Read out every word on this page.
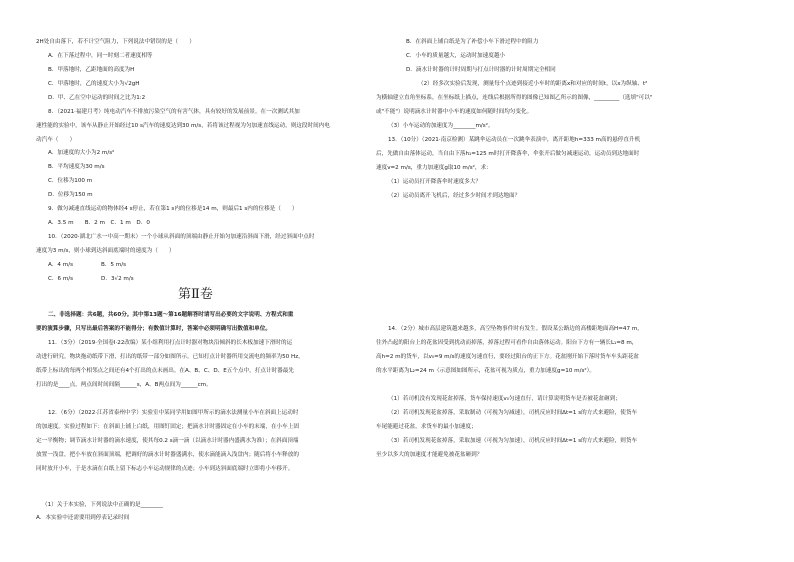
第Ⅱ卷
2H处自由落下，若不计空气阻力，下列说法中错误的是（　　）
A．在下落过程中，同一时刻二者速度相等
B．甲落地时，乙距地面的高度为H
C．甲落地时，乙的速度大小为√2gH
D．甲、乙在空中运动的时间之比为1:2
8．（2021·福建月考）纯电动汽车不排放污染空气的有害气体，具有较好的发展前景。在一次测试其加
速性能的实验中，该车从静止开始经过10 s汽车的速度达到30 m/s，若将该过程视为匀加速直线运动，则这段时间内电
动汽车（　　）
A．加速度的大小为2 m/s²
B．平均速度为30 m/s
C．位移为100 m
D．位移为150 m
9．做匀减速直线运动的物体经4 s停止，若在第1 s内的位移是14 m，则最后1 s内的位移是（　　）
A．3.5 m　　B．2 m　C．1 m　D．0
10．（2020·湖北广水一中高一期末）一个小球从斜面的顶端由静止开始匀加速沿斜面下滑，经过斜面中点时
速度为3 m/s，则小球到达斜面底端时的速度为（　　）
A．4 m/s　　　　　B．5 m/s
C．6 m/s　　　　　D．3√2 m/s
二、非选择题：共6题，共60分。其中第13题～第16题解答时请写出必要的文字说明、方程式和重
要的演算步骤，只写出最后答案的不能得分；有数值计算时，答案中必须明确写出数值和单位。
11．（3分）（2019·全国卷Ⅰ·22改编）某小组利用打点计时器对物块沿倾斜的长木板加速下滑时的运
动进行研究。物块拖动纸带下滑，打出的纸带一部分如图所示。已知打点计时器所用交流电的频率为50 Hz，
纸带上标出的每两个相邻点之间还有4个打出的点未画出。在A、B、C、D、E五个点中，打点计时器最先
打出的是____点，两点间时间间隔______s，A、B两点间为______cm。
12．（6分）（2022·江苏省泰州中学）实验室中某同学用如图甲所示的滴水法测量小车在斜面上运动时
的加速度。实验过程如下：在斜面上铺上白纸，用图钉固定；把滴水计时器固定在小车的末端，在小车上固
定一平衡物；调节滴水计时器的滴水速度，使其每0.2 s滴一滴（以滴水计时器内盛满水为准）；在斜面顶端
放置一浅盘，把小车放在斜面顶端，把调好的滴水计时器盛满水，使水滴能滴入浅盘内；随后将小车释放的
同时放开小车，于是水滴在白纸上留下标志小车运动规律的点迹；小车到达斜面底端时立即将小车移开。
（1）关于本实验，下列说法中正确的是________
A．本实验中还需要用到停表记录时间
B．在斜面上铺白纸是为了补偿小车下滑过程中的阻力
C．小车的质量越大，运动时加速度越小
D．滴水计时器的计时周期与打点计时器的计时周期完全相同
（2）经多次实验后发现，测量每个点迹到接近小车时的距离x和对应的时间t，以x为纵轴、t²
为横轴建立直角坐标系，在坐标纸上描点，连线后根据所得的图像已知图乙所示的图像，_________（选填"可以"
或"不能"）说明滴水计时器中小车的速度如何随时间均匀变化。
（3）小车运动的加速度为________m/s²。
13．（10分）（2021·南京检测）某跳伞运动员在一次跳伞表演中，离开距地h=333 m高的悬停直升机
后，先做自由落体运动，当自由下落h₁=125 m时打开降落伞，伞张开后做匀减速运动，运动员到达地面时
速度v=2 m/s，重力加速度g取10 m/s²，求：
（1）运动员打开降落伞时速度多大？
（2）运动员离开飞机后，经过多少时间才到达地面？
14．（2分）城市高层建筑越来越多，高空坠物事件时有发生。假设某公路边的高楼距地面高H=47 m，
往外凸起的阳台上的花盆因受到扰动而掉落，掉落过程可看作自由落体运动。阳台下方有一辆长L₁=8 m，
高h=2 m的货车，以v₀=9 m/s的速度匀速直行，要经过阳台的正下方。花盆刚开始下落时货车车头距花盆
的水平距离为L₂=24 m（示意图如图所示，花盆可视为质点，重力加速度g=10 m/s²）。
（1）若司机没有发现花盆掉落，货车保持速度v₀匀速直行，请计算说明货车是否被花盆砸到；
（2）若司机发现花盆掉落，采取制动（可视为匀减速），司机反应时间Δt=1 s的方式来避险，使货车
车尾能避过花盆，求货车的最小加速度；
（3）若司机发现花盆掉落，采取加速（可视为匀加速），司机反应时间Δt=1 s的方式来避险，则货车
至少以多大的加速度才能避免被花盆砸到？
